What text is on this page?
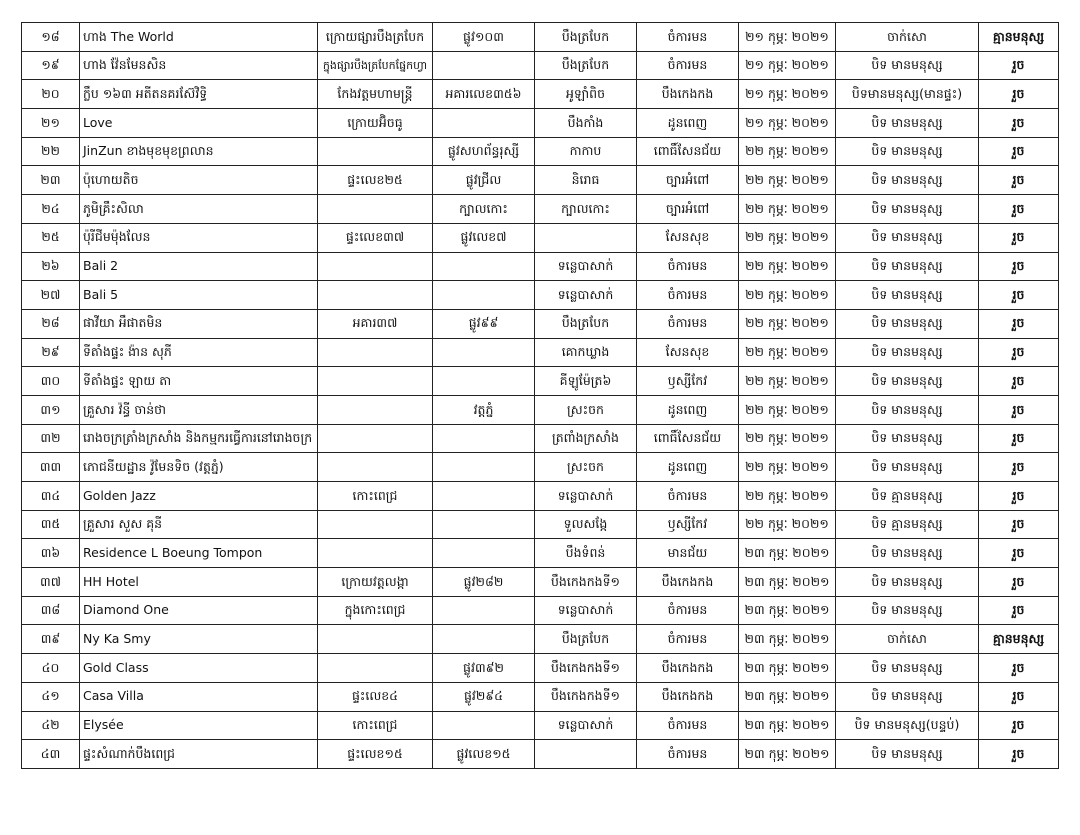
១៨	ហាង The World	ក្រោយផ្សារបឹងត្របែក	ផ្លូវ១០៣	បឹងត្របែក	ចំការមន	២១ កុម្ភៈ ២០២១	ចាក់សោ	គ្មានមនុស្ស
១៩	ហាង វ៉ែនមែនសិន	ក្នុងផ្សារបឹងត្របែកផ្នែកហ្វា		បឹងត្របែក	ចំការមន	២១ កុម្ភៈ ២០២១	បិទ មានមនុស្ស	រួច
២០	ក្លឹប ១៦៣ អតីតនគរស៊ែវិទ្ធិ	កែងវត្តមហាមន្ត្រី	អគារលេខ៣៥៦	អូឡាំពិច	បឹងកេងកង	២១ កុម្ភៈ ២០២១	បិទមានមនុស្ស(មានផ្ទះ)	រួច
២១	Love	ក្រោយអ៊ិចធូ		បឹងកាំង	ដូនពេញ	២១ កុម្ភៈ ២០២១	បិទ មានមនុស្ស	រួច
២២	JinZun ខាងមុខមុខព្រលាន		ផ្លូវសហព័ន្ធរុស្សី	កាកាប	ពោធិ៍សែនជ័យ	២២ កុម្ភៈ ២០២១	បិទ មានមនុស្ស	រួច
២៣	ប៉ុហោយតិច	ផ្ទះលេខ២៥	ផ្លូវជ្រីល	និរោធ	ច្បារអំពៅ	២២ កុម្ភៈ ២០២១	បិទ មានមនុស្ស	រួច
២៤	ភូមិគ្រឹះសិលា		ក្បាលកោះ	ក្បាលកោះ	ច្បារអំពៅ	២២ កុម្ភៈ ២០២១	បិទ មានមនុស្ស	រួច
២៥	ប៉ុរីជីមម៉ុងលែន	ផ្ទះលេខ៣៧	ផ្លូវលេខ៧		សែនសុខ	២២ កុម្ភៈ ២០២១	បិទ មានមនុស្ស	រួច
២៦	Bali 2			ទន្លេបាសាក់	ចំការមន	២២ កុម្ភៈ ២០២១	បិទ មានមនុស្ស	រួច
២៧	Bali 5			ទន្លេបាសាក់	ចំការមន	២២ កុម្ភៈ ២០២១	បិទ មានមនុស្ស	រួច
២៨	ផាវីយា អឹផាតមិន	អគារ៣៧	ផ្លូវ៩៩	បឹងត្របែក	ចំការមន	២២ កុម្ភៈ ២០២១	បិទ មានមនុស្ស	រួច
២៩	ទីតាំងផ្ទះ ង៉ាន សុភី			គោកឃ្លាង	សែនសុខ	២២ កុម្ភៈ ២០២១	បិទ មានមនុស្ស	រួច
៣០	ទីតាំងផ្ទះ ឡាយ តា			គីឡូម៉ែត្រ៦	ឫស្សីកែវ	២២ កុម្ភៈ ២០២១	បិទ មានមនុស្ស	រួច
៣១	គ្រួសារ វ៉ន្ធី ចាន់ថា		វត្តភ្នំ	ស្រះចក	ដូនពេញ	២២ កុម្ភៈ ២០២១	បិទ មានមនុស្ស	រួច
៣២	រោងចក្រត្រាំងក្រសាំង និងកម្មករធ្វើការនៅរោងចក្រ			ត្រពាំងក្រសាំង	ពោធិ៍សែនជ័យ	២២ កុម្ភៈ ២០២១	បិទ មានមនុស្ស	រួច
៣៣	ភោជនីយដ្ឋាន វ៉ូមែនទិច (វត្តភ្នំ)			ស្រះចក	ដូនពេញ	២២ កុម្ភៈ ២០២១	បិទ មានមនុស្ស	រួច
៣៤	Golden Jazz	កោះពេជ្រ		ទន្លេបាសាក់	ចំការមន	២២ កុម្ភៈ ២០២១	បិទ គ្មានមនុស្ស	រួច
៣៥	គ្រួសារ សួស គុនី			ទួលសង្កែ	ឫស្សីកែវ	២២ កុម្ភៈ ២០២១	បិទ គ្មានមនុស្ស	រួច
៣៦	Residence L Boeung Tompon			បឹងទំពន់	មានជ័យ	២៣ កុម្ភៈ ២០២១	បិទ មានមនុស្ស	រួច
៣៧	HH Hotel	ក្រោយវត្តលង្កា	ផ្លូវ២៨២	បឹងកេងកងទី១	បឹងកេងកង	២៣ កុម្ភៈ ២០២១	បិទ មានមនុស្ស	រួច
៣៨	Diamond One	ក្នុងកោះពេជ្រ		ទន្លេបាសាក់	ចំការមន	២៣ កុម្ភៈ ២០២១	បិទ មានមនុស្ស	រួច
៣៩	Ny Ka Smy			បឹងត្របែក	ចំការមន	២៣ កុម្ភៈ ២០២១	ចាក់សោ	គ្មានមនុស្ស
៤០	Gold Class		ផ្លូវ៣៩២	បឹងកេងកងទី១	បឹងកេងកង	២៣ កុម្ភៈ ២០២១	បិទ មានមនុស្ស	រួច
៤១	Casa Villa	ផ្ទះលេខ៤	ផ្លូវ២៩៤	បឹងកេងកងទី១	បឹងកេងកង	២៣ កុម្ភៈ ២០២១	បិទ មានមនុស្ស	រួច
៤២	Elysée	កោះពេជ្រ		ទន្លេបាសាក់	ចំការមន	២៣ កុម្ភៈ ២០២១	បិទ មានមនុស្ស(បន្ទប់)	រួច
៤៣	ផ្ទះសំណាក់បឹងពេជ្រ	ផ្ទះលេខ១៥	ផ្លូវលេខ១៥		ចំការមន	២៣ កុម្ភៈ ២០២១	បិទ មានមនុស្ស	រួច
